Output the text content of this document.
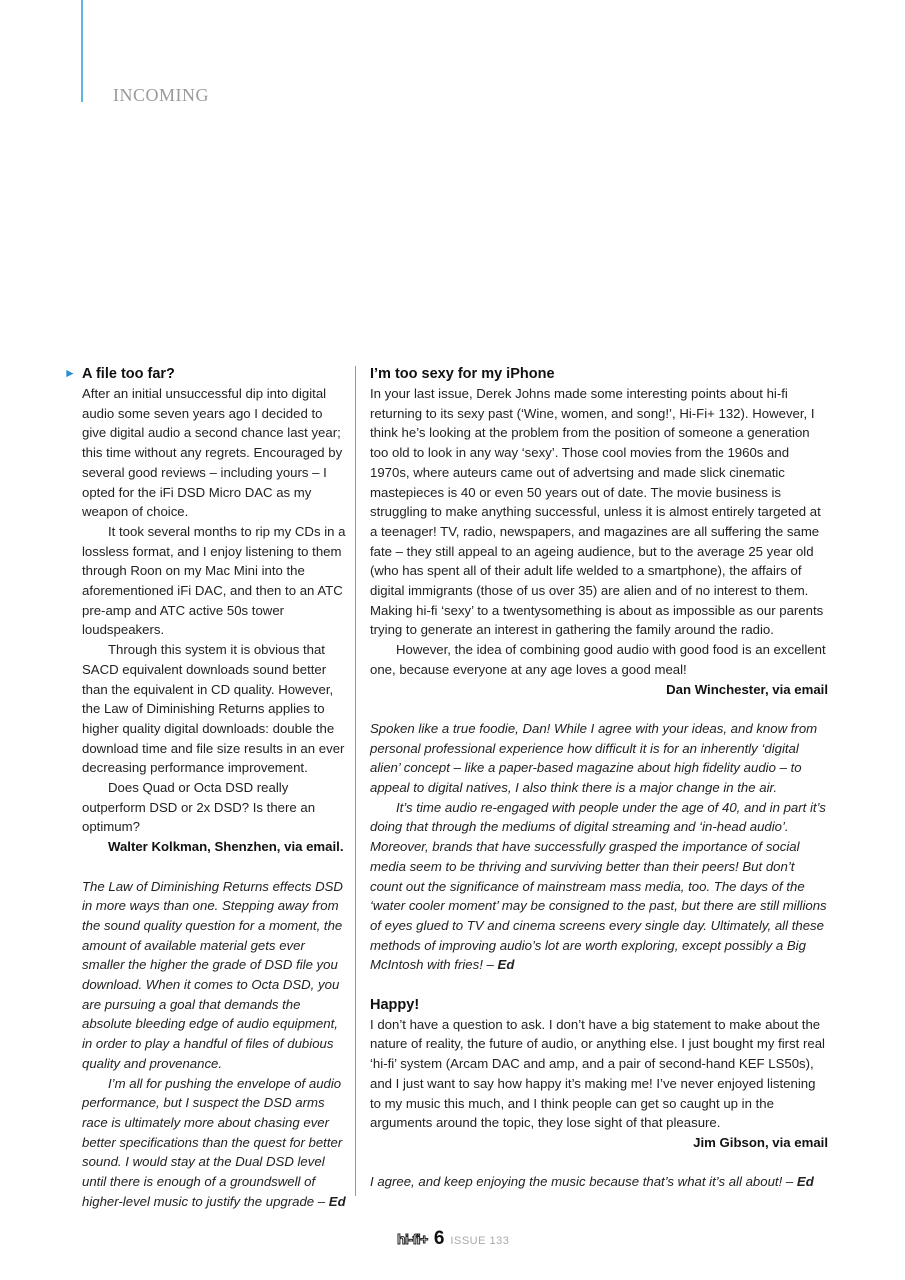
INCOMING
► A file too far?

After an initial unsuccessful dip into digital audio some seven years ago I decided to give digital audio a second chance last year; this time without any regrets. Encouraged by several good reviews – including yours – I opted for the iFi DSD Micro DAC as my weapon of choice.

It took several months to rip my CDs in a lossless format, and I enjoy listening to them through Roon on my Mac Mini into the aforementioned iFi DAC, and then to an ATC pre-amp and ATC active 50s tower loudspeakers.

Through this system it is obvious that SACD equivalent downloads sound better than the equivalent in CD quality. However, the Law of Diminishing Returns applies to higher quality digital downloads: double the download time and file size results in an ever decreasing performance improvement.

Does Quad or Octa DSD really outperform DSD or 2x DSD? Is there an optimum?

Walter Kolkman, Shenzhen, via email.

The Law of Diminishing Returns effects DSD in more ways than one. Stepping away from the sound quality question for a moment, the amount of available material gets ever smaller the higher the grade of DSD file you download. When it comes to Octa DSD, you are pursuing a goal that demands the absolute bleeding edge of audio equipment, in order to play a handful of files of dubious quality and provenance.

I’m all for pushing the envelope of audio performance, but I suspect the DSD arms race is ultimately more about chasing ever better specifications than the quest for better sound. I would stay at the Dual DSD level until there is enough of a groundswell of higher-level music to justify the upgrade – Ed

I’m too sexy for my iPhone

In your last issue, Derek Johns made some interesting points about hi-fi returning to its sexy past (‘Wine, women, and song!’, Hi-Fi+ 132). However, I think he’s looking at the problem from the position of someone a generation too old to look in any way ‘sexy’. Those cool movies from the 1960s and 1970s, where auteurs came out of advertsing and made slick cinematic mastepieces is 40 or even 50 years out of date. The movie business is struggling to make anything successful, unless it is almost entirely targeted at a teenager! TV, radio, newspapers, and magazines are all suffering the same fate – they still appeal to an ageing audience, but to the average 25 year old (who has spent all of their adult life welded to a smartphone), the affairs of digital immigrants (those of us over 35) are alien and of no interest to them. Making hi-fi ‘sexy’ to a twentysomething is about as impossible as our parents trying to generate an interest in gathering the family around the radio.

However, the idea of combining good audio with good food is an excellent one, because everyone at any age loves a good meal!

Dan Winchester, via email

Spoken like a true foodie, Dan! While I agree with your ideas, and know from personal professional experience how difficult it is for an inherently ‘digital alien’ concept – like a paper-based magazine about high fidelity audio – to appeal to digital natives, I also think there is a major change in the air.

It’s time audio re-engaged with people under the age of 40, and in part it’s doing that through the mediums of digital streaming and ‘in-head audio’. Moreover, brands that have successfully grasped the importance of social media seem to be thriving and surviving better than their peers! But don’t count out the significance of mainstream mass media, too. The days of the ‘water cooler moment’ may be consigned to the past, but there are still millions of eyes glued to TV and cinema screens every single day. Ultimately, all these methods of improving audio’s lot are worth exploring, except possibly a Big McIntosh with fries! – Ed

Happy!

I don’t have a question to ask. I don’t have a big statement to make about the nature of reality, the future of audio, or anything else. I just bought my first real ‘hi-fi’ system (Arcam DAC and amp, and a pair of second-hand KEF LS50s), and I just want to say how happy it’s making me! I’ve never enjoyed listening to my music this much, and I think people can get so caught up in the arguments around the topic, they lose sight of that pleasure.

Jim Gibson, via email

I agree, and keep enjoying the music because that’s what it’s all about! – Ed

hi-fi+ 6 ISSUE 133
